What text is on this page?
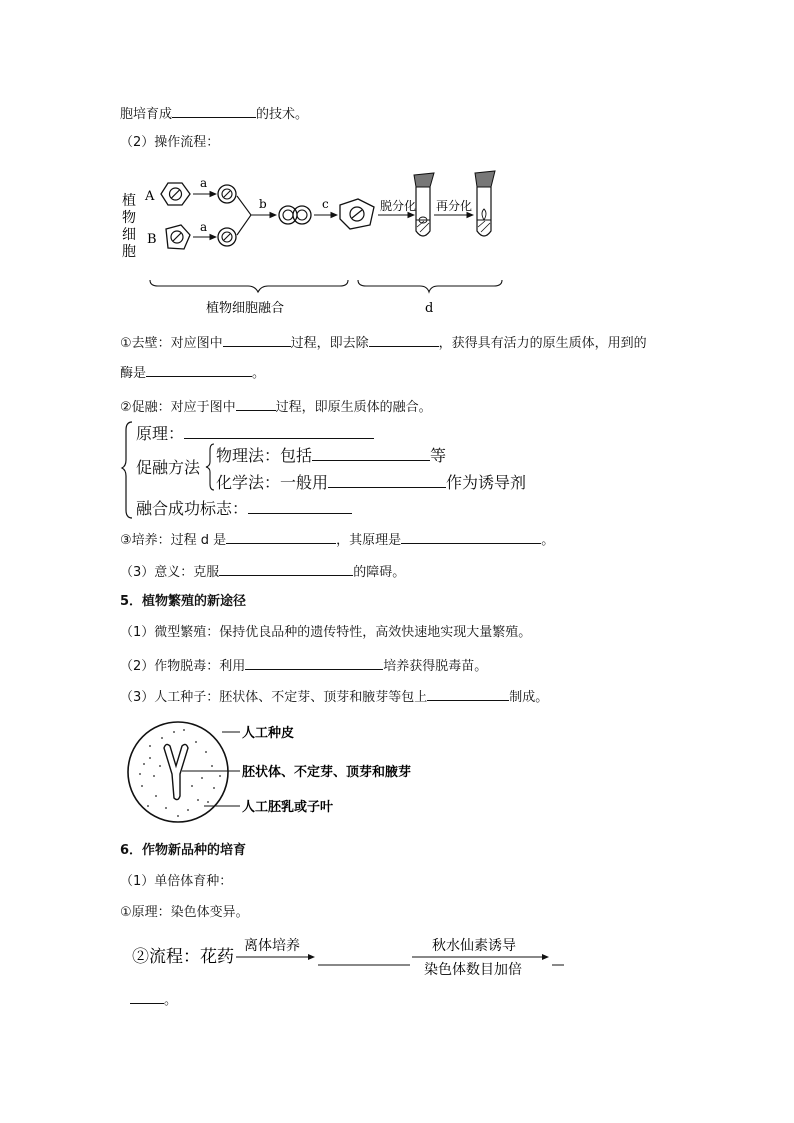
胞培育成	的技术。
（2）操作流程：
植
物
细
胞
A
B
a
a
b	c	脱分化 再分化
植物细胞融合	d
①去壁：对应图中	过程，即去除	，获得具有活力的原生质体，用到的
酶是	。
②促融：对应于图中	过程，即原生质体的融合。
原理：
促融方法
物理法：包括	等
化学法：一般用	作为诱导剂
融合成功标志：
③培养：过程 d 是	，其原理是	。
（3）意义：克服	的障碍。
5．植物繁殖的新途径
（1）微型繁殖：保持优良品种的遗传特性，高效快速地实现大量繁殖。
（2）作物脱毒：利用	培养获得脱毒苗。
（3）人工种子：胚状体、不定芽、顶芽和腋芽等包上	制成。
人工种皮
胚状体、不定芽、顶芽和腋芽
人工胚乳或子叶
6．作物新品种的培育
（1）单倍体育种：
①原理：染色体变异。
②流程：花药
离体培养	秋水仙素诱导
染色体数目加倍
。
